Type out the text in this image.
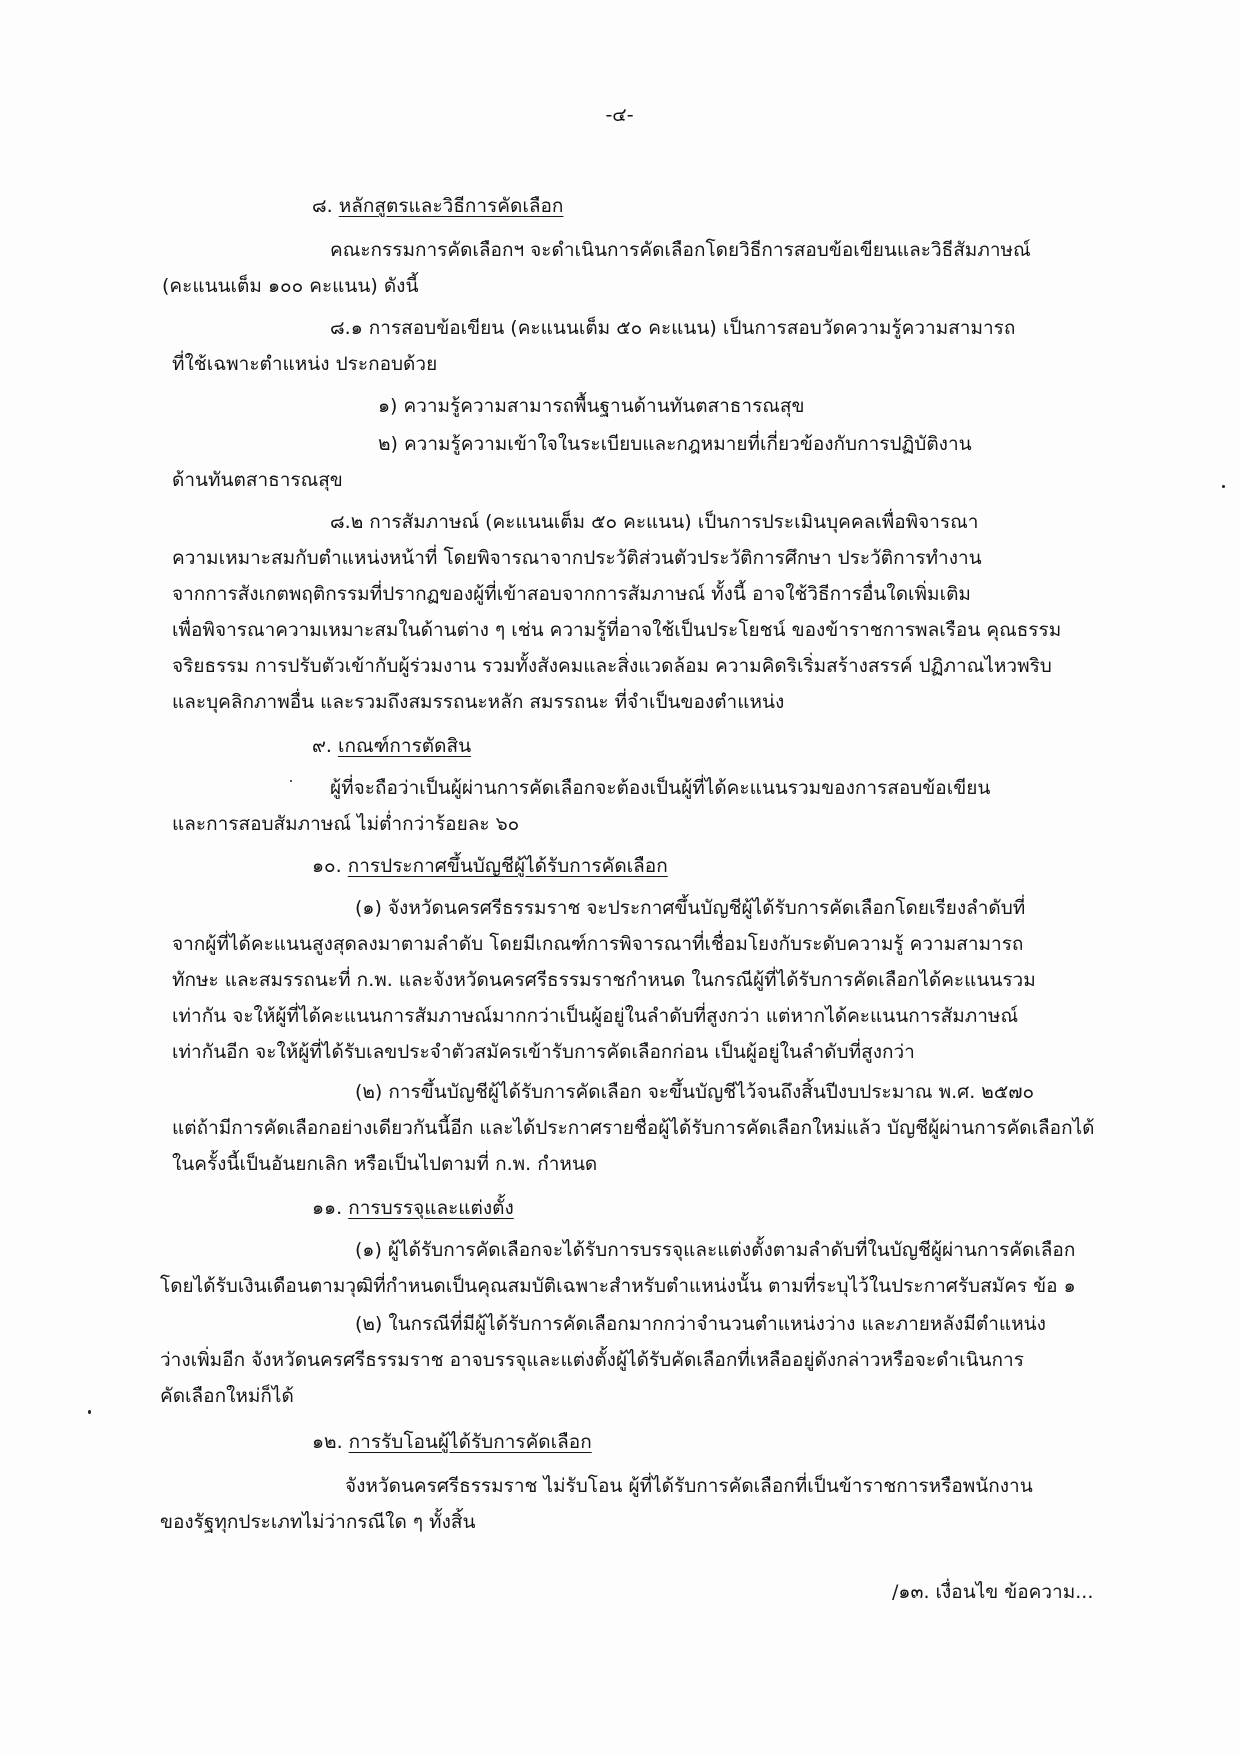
-๔-
๘. หลักสูตรและวิธีการคัดเลือก
คณะกรรมการคัดเลือกฯ จะดำเนินการคัดเลือกโดยวิธีการสอบข้อเขียนและวิธีสัมภาษณ์
(คะแนนเต็ม ๑๐๐ คะแนน) ดังนี้
๘.๑ การสอบข้อเขียน (คะแนนเต็ม ๕๐ คะแนน) เป็นการสอบวัดความรู้ความสามารถ
ที่ใช้เฉพาะตำแหน่ง ประกอบด้วย
๑) ความรู้ความสามารถพื้นฐานด้านทันตสาธารณสุข
๒) ความรู้ความเข้าใจในระเบียบและกฎหมายที่เกี่ยวข้องกับการปฏิบัติงาน
ด้านทันตสาธารณสุข
๘.๒ การสัมภาษณ์ (คะแนนเต็ม ๕๐ คะแนน) เป็นการประเมินบุคคลเพื่อพิจารณา
ความเหมาะสมกับตำแหน่งหน้าที่ โดยพิจารณาจากประวัติส่วนตัวประวัติการศึกษา ประวัติการทำงาน
จากการสังเกตพฤติกรรมที่ปรากฏของผู้ที่เข้าสอบจากการสัมภาษณ์ ทั้งนี้ อาจใช้วิธีการอื่นใดเพิ่มเติม
เพื่อพิจารณาความเหมาะสมในด้านต่าง ๆ เช่น ความรู้ที่อาจใช้เป็นประโยชน์ ของข้าราชการพลเรือน คุณธรรม
จริยธรรม การปรับตัวเข้ากับผู้ร่วมงาน รวมทั้งสังคมและสิ่งแวดล้อม ความคิดริเริ่มสร้างสรรค์ ปฏิภาณไหวพริบ
และบุคลิกภาพอื่น และรวมถึงสมรรถนะหลัก สมรรถนะ ที่จำเป็นของตำแหน่ง
๙. เกณฑ์การตัดสิน
ผู้ที่จะถือว่าเป็นผู้ผ่านการคัดเลือกจะต้องเป็นผู้ที่ได้คะแนนรวมของการสอบข้อเขียน
และการสอบสัมภาษณ์ ไม่ต่ำกว่าร้อยละ ๖๐
๑๐. การประกาศขึ้นบัญชีผู้ได้รับการคัดเลือก
(๑) จังหวัดนครศรีธรรมราช จะประกาศขึ้นบัญชีผู้ได้รับการคัดเลือกโดยเรียงลำดับที่
จากผู้ที่ได้คะแนนสูงสุดลงมาตามลำดับ โดยมีเกณฑ์การพิจารณาที่เชื่อมโยงกับระดับความรู้ ความสามารถ
ทักษะ และสมรรถนะที่ ก.พ. และจังหวัดนครศรีธรรมราชกำหนด ในกรณีผู้ที่ได้รับการคัดเลือกได้คะแนนรวม
เท่ากัน จะให้ผู้ที่ได้คะแนนการสัมภาษณ์มากกว่าเป็นผู้อยู่ในลำดับที่สูงกว่า แต่หากได้คะแนนการสัมภาษณ์
เท่ากันอีก จะให้ผู้ที่ได้รับเลขประจำตัวสมัครเข้ารับการคัดเลือกก่อน เป็นผู้อยู่ในลำดับที่สูงกว่า
(๒) การขึ้นบัญชีผู้ได้รับการคัดเลือก จะขึ้นบัญชีไว้จนถึงสิ้นปีงบประมาณ พ.ศ. ๒๕๗๐
แต่ถ้ามีการคัดเลือกอย่างเดียวกันนี้อีก และได้ประกาศรายชื่อผู้ได้รับการคัดเลือกใหม่แล้ว บัญชีผู้ผ่านการคัดเลือกได้
ในครั้งนี้เป็นอันยกเลิก หรือเป็นไปตามที่ ก.พ. กำหนด
๑๑. การบรรจุและแต่งตั้ง
(๑) ผู้ได้รับการคัดเลือกจะได้รับการบรรจุและแต่งตั้งตามลำดับที่ในบัญชีผู้ผ่านการคัดเลือก
โดยได้รับเงินเดือนตามวุฒิที่กำหนดเป็นคุณสมบัติเฉพาะสำหรับตำแหน่งนั้น ตามที่ระบุไว้ในประกาศรับสมัคร ข้อ ๑
(๒) ในกรณีที่มีผู้ได้รับการคัดเลือกมากกว่าจำนวนตำแหน่งว่าง และภายหลังมีตำแหน่ง
ว่างเพิ่มอีก จังหวัดนครศรีธรรมราช อาจบรรจุและแต่งตั้งผู้ได้รับคัดเลือกที่เหลืออยู่ดังกล่าวหรือจะดำเนินการ
คัดเลือกใหม่ก็ได้
๑๒. การรับโอนผู้ได้รับการคัดเลือก
จังหวัดนครศรีธรรมราช ไม่รับโอน ผู้ที่ได้รับการคัดเลือกที่เป็นข้าราชการหรือพนักงาน
ของรัฐทุกประเภทไม่ว่ากรณีใด ๆ ทั้งสิ้น
/๑๓. เงื่อนไข ข้อความ...
